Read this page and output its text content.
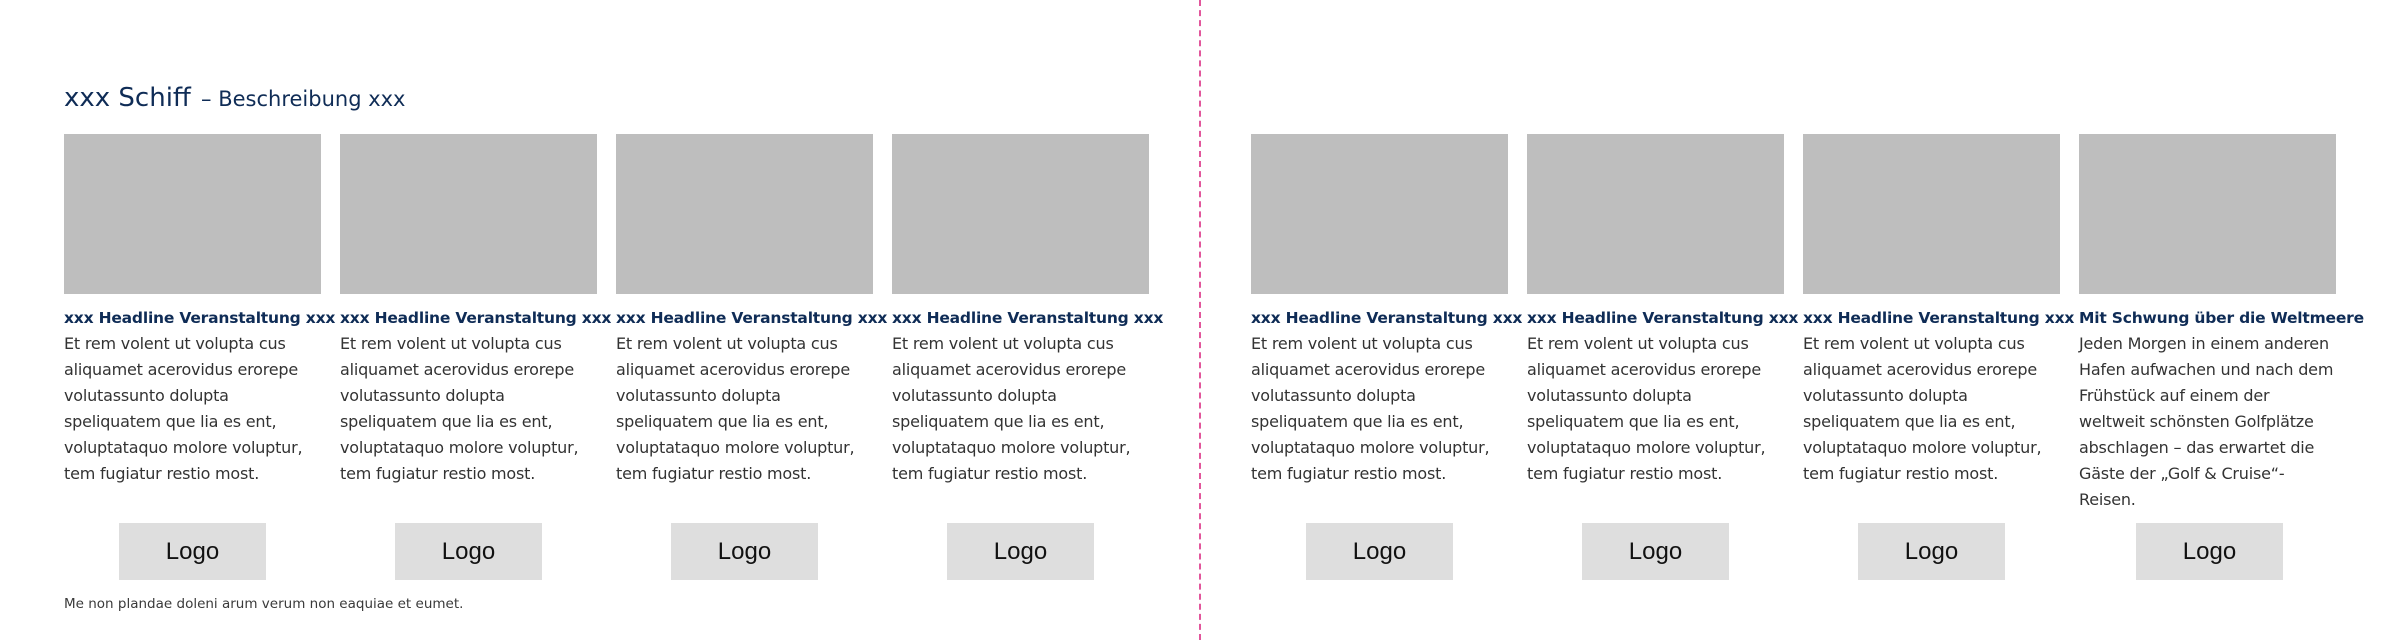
xxx Schiff – Beschreibung xxx
xxx Headline Veranstaltung xxx
Et rem volent ut volupta cus aliquamet acerovidus erorepe volutassunto dolupta speliquatem que lia es ent, voluptataquo molore voluptur, tem fugiatur restio most.
xxx Headline Veranstaltung xxx
Et rem volent ut volupta cus aliquamet acerovidus erorepe volutassunto dolupta speliquatem que lia es ent, voluptataquo molore voluptur, tem fugiatur restio most.
xxx Headline Veranstaltung xxx
Et rem volent ut volupta cus aliquamet acerovidus erorepe volutassunto dolupta speliquatem que lia es ent, voluptataquo molore voluptur, tem fugiatur restio most.
xxx Headline Veranstaltung xxx
Et rem volent ut volupta cus aliquamet acerovidus erorepe volutassunto dolupta speliquatem que lia es ent, voluptataquo molore voluptur, tem fugiatur restio most.
xxx Headline Veranstaltung xxx
Et rem volent ut volupta cus aliquamet acerovidus erorepe volutassunto dolupta speliquatem que lia es ent, voluptataquo molore voluptur, tem fugiatur restio most.
xxx Headline Veranstaltung xxx
Et rem volent ut volupta cus aliquamet acerovidus erorepe volutassunto dolupta speliquatem que lia es ent, voluptataquo molore voluptur, tem fugiatur restio most.
xxx Headline Veranstaltung xxx
Et rem volent ut volupta cus aliquamet acerovidus erorepe volutassunto dolupta speliquatem que lia es ent, voluptataquo molore voluptur, tem fugiatur restio most.
Mit Schwung über die Weltmeere
Jeden Morgen in einem anderen Hafen aufwachen und nach dem Frühstück auf einem der weltweit schönsten Golfplätze abschlagen – das erwartet die Gäste der „Golf & Cruise“-Reisen.
Logo	Logo	Logo	Logo	Logo	Logo	Logo	Logo

Me non plandae doleni arum verum non eaquiae et eumet.
